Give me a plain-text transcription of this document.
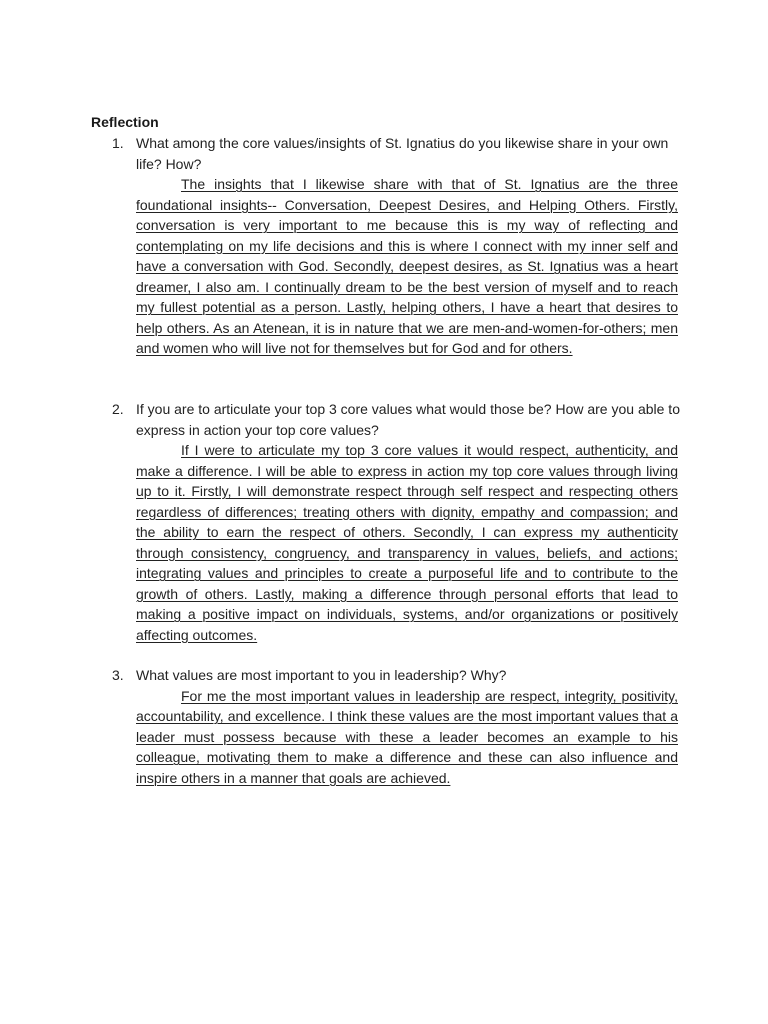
Reflection
1. What among the core values/insights of St. Ignatius do you likewise share in your own life? How?

The insights that I likewise share with that of St. Ignatius are the three foundational insights-- Conversation, Deepest Desires, and Helping Others. Firstly, conversation is very important to me because this is my way of reflecting and contemplating on my life decisions and this is where I connect with my inner self and have a conversation with God. Secondly, deepest desires, as St. Ignatius was a heart dreamer, I also am. I continually dream to be the best version of myself and to reach my fullest potential as a person. Lastly, helping others, I have a heart that desires to help others. As an Atenean, it is in nature that we are men-and-women-for-others; men and women who will live not for themselves but for God and for others.

2. If you are to articulate your top 3 core values what would those be? How are you able to express in action your top core values?

If I were to articulate my top 3 core values it would respect, authenticity, and make a difference. I will be able to express in action my top core values through living up to it. Firstly, I will demonstrate respect through self respect and respecting others regardless of differences; treating others with dignity, empathy and compassion; and the ability to earn the respect of others. Secondly, I can express my authenticity through consistency, congruency, and transparency in values, beliefs, and actions; integrating values and principles to create a purposeful life and to contribute to the growth of others. Lastly, making a difference through personal efforts that lead to making a positive impact on individuals, systems, and/or organizations or positively affecting outcomes.

3. What values are most important to you in leadership? Why?

For me the most important values in leadership are respect, integrity, positivity, accountability, and excellence. I think these values are the most important values that a leader must possess because with these a leader becomes an example to his colleague, motivating them to make a difference and these can also influence and inspire others in a manner that goals are achieved.
